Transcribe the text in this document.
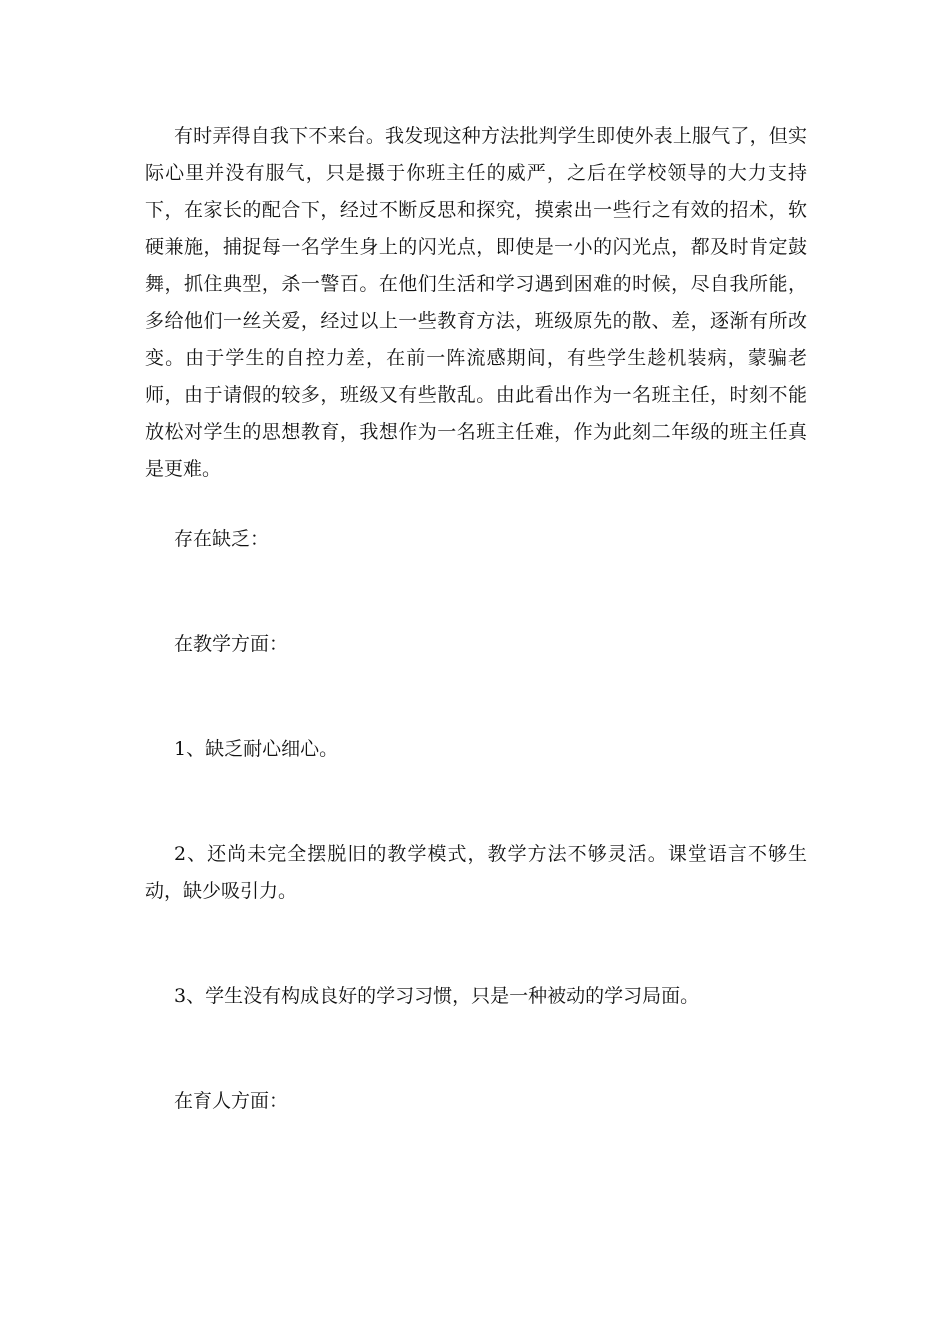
有时弄得自我下不来台。我发现这种方法批判学生即使外表上服气了，但实际心里并没有服气，只是摄于你班主任的威严，之后在学校领导的大力支持下，在家长的配合下，经过不断反思和探究，摸索出一些行之有效的招术，软硬兼施，捕捉每一名学生身上的闪光点，即使是一小的闪光点，都及时肯定鼓舞，抓住典型，杀一警百。在他们生活和学习遇到困难的时候，尽自我所能，多给他们一丝关爱，经过以上一些教育方法，班级原先的散、差，逐渐有所改变。由于学生的自控力差，在前一阵流感期间，有些学生趁机装病，蒙骗老师，由于请假的较多，班级又有些散乱。由此看出作为一名班主任，时刻不能放松对学生的思想教育，我想作为一名班主任难，作为此刻二年级的班主任真是更难。

存在缺乏：

在教学方面：

1、缺乏耐心细心。

2、还尚未完全摆脱旧的教学模式，教学方法不够灵活。课堂语言不够生动，缺少吸引力。

3、学生没有构成良好的学习习惯，只是一种被动的学习局面。

在育人方面：
